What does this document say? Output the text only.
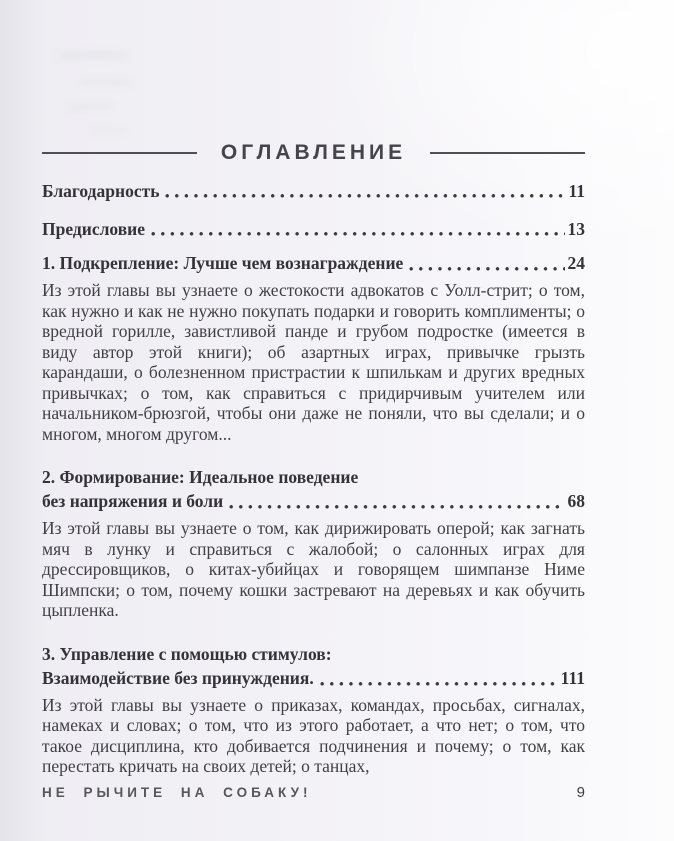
ОГЛАВЛЕНИЕ
Благодарность	11
Предисловие	13
1. Подкрепление: Лучше чем вознаграждение	24

Из этой главы вы узнаете о жестокости адвокатов с Уолл-стрит; о том, как нужно и как не нужно покупать подарки и говорить комплименты; о вредной горилле, завистливой панде и грубом подростке (имеется в виду автор этой книги); об азартных играх, привычке грызть карандаши, о болезненном пристрастии к шпилькам и других вредных привычках; о том, как справиться с придирчивым учителем или начальником-брюзгой, чтобы они даже не поняли, что вы сделали; и о многом, многом другом...

2. Формирование: Идеальное поведение
без напряжения и боли	68

Из этой главы вы узнаете о том, как дирижировать оперой; как загнать мяч в лунку и справиться с жалобой; о салонных играх для дрессировщиков, о китах-убийцах и говорящем шимпанзе Ниме Шимпски; о том, почему кошки застревают на деревьях и как обучить цыпленка.

3. Управление с помощью стимулов:
Взаимодействие без принуждения.	111

Из этой главы вы узнаете о приказах, командах, просьбах, сигналах, намеках и словах; о том, что из этого работает, а что нет; о том, что такое дисциплина, кто добивается подчинения и почему; о том, как перестать кричать на своих детей; о танцах,

НЕ РЫЧИТЕ НА СОБАКУ!	9
